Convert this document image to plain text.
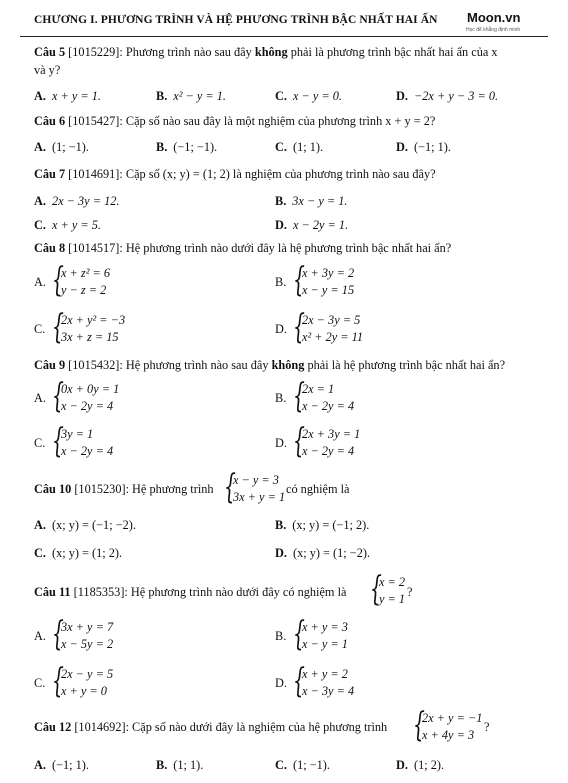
CHƯƠNG I. PHƯƠNG TRÌNH VÀ HỆ PHƯƠNG TRÌNH BẬC NHẤT HAI ẨN Moon.vn
Học để khẳng định mình
Câu 5 [1015229]: Phương trình nào sau đây không phải là phương trình bậc nhất hai ẩn của x
và y?
A. x + y = 1.	B. x² − y = 1.	C. x − y = 0.	D. −2x + y − 3 = 0.
Câu 6 [1015427]: Cặp số nào sau đây là một nghiệm của phương trình x + y = 2?
A. (1; −1).	B. (−1; −1).	C. (1; 1).	D. (−1; 1).
Câu 7 [1014691]: Cặp số (x; y) = (1; 2) là nghiệm của phương trình nào sau đây?
A. 2x − 3y = 12.	B. 3x − y = 1.
C. x + y = 5.	D. x − 2y = 1.
Câu 8 [1014517]: Hệ phương trình nào dưới đây là hệ phương trình bậc nhất hai ẩn?
A. {
x + z² = 6
y − z = 2
B. {
x + 3y = 2
x − y = 15
C. {
2x + y² = −3
3x + z = 15
D. {
2x − 3y = 5
x² + 2y = 11
Câu 9 [1015432]: Hệ phương trình nào sau đây không phải là hệ phương trình bậc nhất hai ẩn?
A. {
0x + 0y = 1
x − 2y = 4
B. {
2x = 1
x − 2y = 4
C. {
3y = 1
x − 2y = 4
D. {
2x + 3y = 1
x − 2y = 4
Câu 10 [1015230]: Hệ phương trình {
x − y = 3
3x + y = 1
có nghiệm là
A. (x; y) = (−1; −2).	B. (x; y) = (−1; 2).
C. (x; y) = (1; 2).	D. (x; y) = (1; −2).
Câu 11 [1185353]: Hệ phương trình nào dưới đây có nghiệm là {
x = 2
y = 1 ?
A. {
3x + y = 7
x − 5y = 2
B. {
x + y = 3
x − y = 1
C. {
2x − y = 5
x + y = 0
D. {
x + y = 2
x − 3y = 4
Câu 12 [1014692]: Cặp số nào dưới đây là nghiệm của hệ phương trình {
2x + y = −1
x + 4y = 3
?
A. (−1; 1).	B. (1; 1).	C. (1; −1).	D. (1; 2).
